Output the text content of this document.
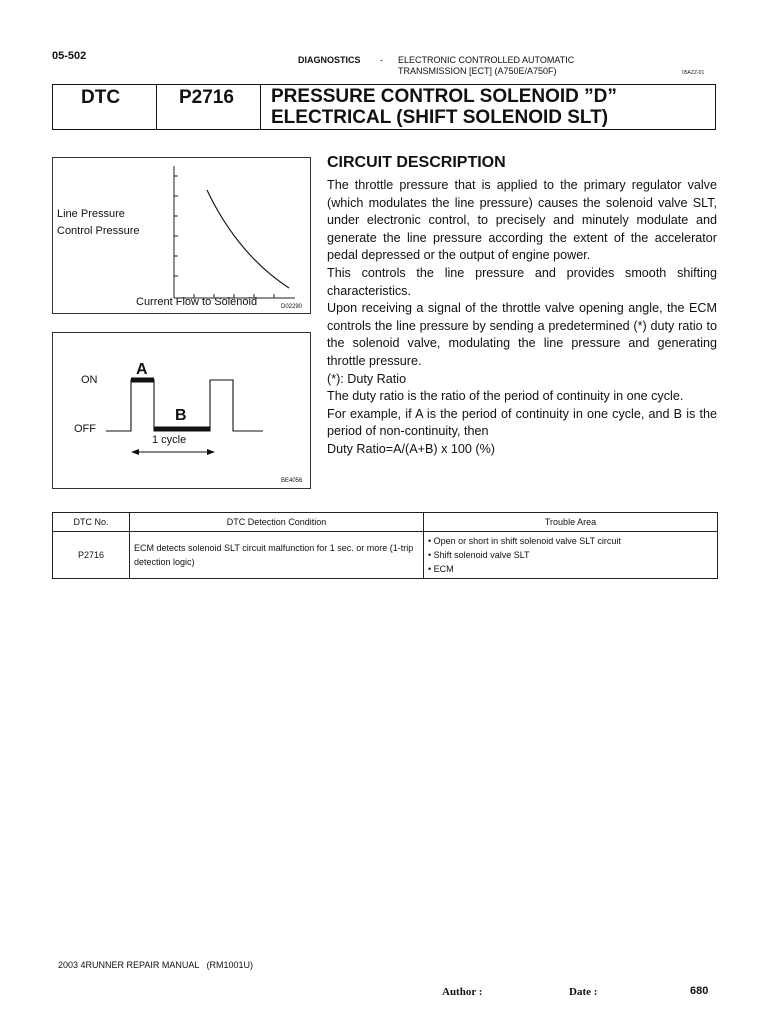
05-502	DIAGNOSTICS - ELECTRONIC CONTROLLED AUTOMATIC
TRANSMISSION [ECT] (A750E/A750F)	05AZZ-01
DTC	P2716	PRESSURE CONTROL SOLENOID ”D”
ELECTRICAL (SHIFT SOLENOID SLT)
Line Pressure
Control Pressure
Current Flow to Solenoid	D02290
ON
OFF
A
B
1 cycle
BE4056
CIRCUIT DESCRIPTION

The throttle pressure that is applied to the primary regulator valve (which modulates the line pressure) causes the solenoid valve SLT, under electronic control, to precisely and minutely modulate and generate the line pressure according the extent of the accelerator pedal depressed or the output of engine power.

This controls the line pressure and provides smooth shifting characteristics.

Upon receiving a signal of the throttle valve opening angle, the ECM controls the line pressure by sending a predetermined (*) duty ratio to the solenoid valve, modulating the line pressure and generating throttle pressure.

(*): Duty Ratio

The duty ratio is the ratio of the period of continuity in one cycle.

For example, if A is the period of continuity in one cycle, and B is the period of non-continuity, then

Duty Ratio=A/(A+B) x 100 (%)

DTC No.	DTC Detection Condition	Trouble Area
P2716	ECM detects solenoid SLT circuit malfunction for 1 sec. or more (1-trip detection logic)	• Open or short in shift solenoid valve SLT circuit
• Shift solenoid valve SLT
• ECM
2003 4RUNNER REPAIR MANUAL   (RM1001U)
Author :	Date :	680
